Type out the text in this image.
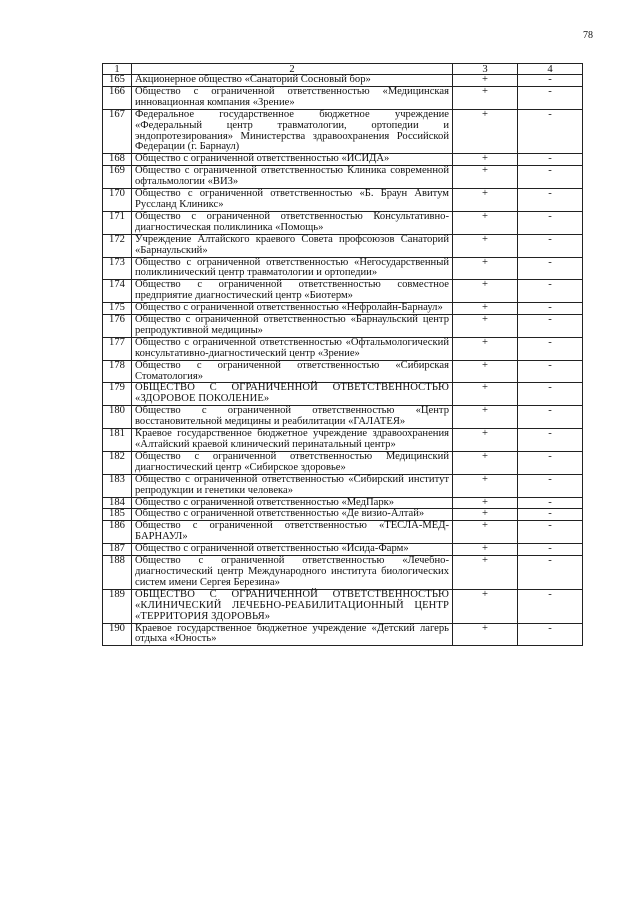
78
1	2	3	4
165	Акционерное общество «Санаторий Сосновый бор»	+	-
166	Общество с ограниченной ответственностью «Медицинская инновационная компания «Зрение»	+	-
167	Федеральное государственное бюджетное учреждение «Федеральный центр травматологии, ортопедии и эндопротезирования» Министерства здравоохранения Российской Федерации (г. Барнаул)	+	-
168	Общество с ограниченной ответственностью «ИСИДА»	+	-
169	Общество с ограниченной ответственностью Клиника современной офтальмологии «ВИЗ»	+	-
170	Общество с ограниченной ответственностью «Б. Браун Авитум Руссланд Клиникс»	+	-
171	Общество с ограниченной ответственностью Консультативно-диагностическая поликлиника «Помощь»	+	-
172	Учреждение Алтайского краевого Совета профсоюзов Санаторий «Барнаульский»	+	-
173	Общество с ограниченной ответственностью «Негосударственный поликлинический центр травматологии и ортопедии»	+	-
174	Общество с ограниченной ответственностью совместное предприятие диагностический центр «Биотерм»	+	-
175	Общество с ограниченной ответственностью «Нефролайн-Барнаул»	+	-
176	Общество с ограниченной ответственностью «Барнаульский центр репродуктивной медицины»	+	-
177	Общество с ограниченной ответственностью «Офтальмологический консультативно-диагностический центр «Зрение»	+	-
178	Общество с ограниченной ответственностью «Сибирская Стоматология»	+	-
179	ОБЩЕСТВО С ОГРАНИЧЕННОЙ ОТВЕТСТВЕННОСТЬЮ «ЗДОРОВОЕ ПОКОЛЕНИЕ»	+	-
180	Общество с ограниченной ответственностью «Центр восстановительной медицины и реабилитации «ГАЛАТЕЯ»	+	-
181	Краевое государственное бюджетное учреждение здравоохранения «Алтайский краевой клинический перинатальный центр»	+	-
182	Общество с ограниченной ответственностью Медицинский диагностический центр «Сибирское здоровье»	+	-
183	Общество с ограниченной ответственностью «Сибирский институт репродукции и генетики человека»	+	-
184	Общество с ограниченной ответственностью «МедПарк»	+	-
185	Общество с ограниченной ответственностью «Де визио-Алтай»	+	-
186	Общество с ограниченной ответственностью «ТЕСЛА-МЕД-БАРНАУЛ»	+	-
187	Общество с ограниченной ответственностью «Исида-Фарм»	+	-
188	Общество с ограниченной ответственностью «Лечебно-диагностический центр Международного института биологических систем имени Сергея Березина»	+	-
189	ОБЩЕСТВО С ОГРАНИЧЕННОЙ ОТВЕТСТВЕННОСТЬЮ «КЛИНИЧЕСКИЙ ЛЕЧЕБНО-РЕАБИЛИТАЦИОННЫЙ ЦЕНТР «ТЕРРИТОРИЯ ЗДОРОВЬЯ»	+	-
190	Краевое государственное бюджетное учреждение «Детский лагерь отдыха «Юность»	+	-
